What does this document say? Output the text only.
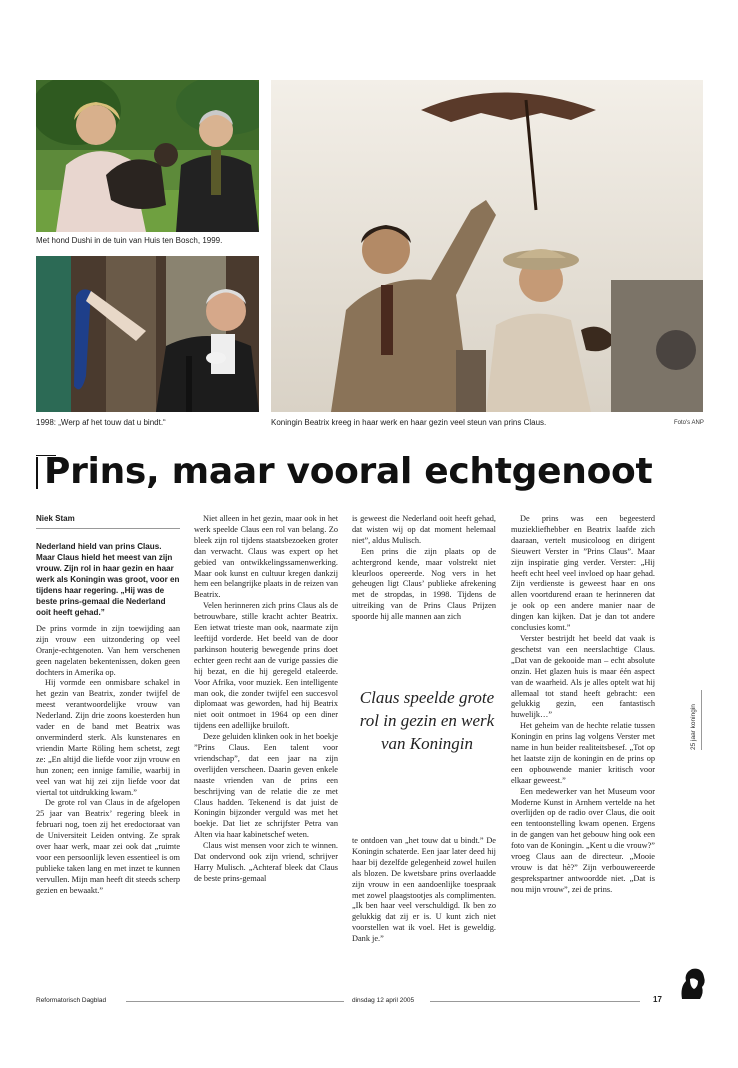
Met hond Dushi in de tuin van Huis ten Bosch, 1999.
1998: „Werp af het touw dat u bindt.“	Koningin Beatrix kreeg in haar werk en haar gezin veel steun van prins Claus.	Foto's ANP
Prins, maar vooral echtgenoot
Niek Stam
Nederland hield van prins Claus. Maar Claus hield het meest van zijn vrouw. Zijn rol in haar gezin en haar werk als Koningin was groot, voor en tijdens haar regering. „Hij was de beste prins-gemaal die Nederland ooit heeft gehad.”

De prins vormde in zijn toewijding aan zijn vrouw een uitzondering op veel Oranje-echtgenoten. Van hem verschenen geen nagelaten bekentenissen, doken geen dochters in Amerika op.

Hij vormde een onmisbare schakel in het gezin van Beatrix, zonder twijfel de meest verantwoordelijke vrouw van Nederland. Zijn drie zoons koesterden hun vader en de band met Beatrix was onverminderd sterk. Als kunstenares en vriendin Marte Röling hem schetst, zegt ze: „En altijd die liefde voor zijn vrouw en hun zonen; een innige familie, waarbij in veel van wat hij zei zijn liefde voor dat viertal tot uitdrukking kwam.”

De grote rol van Claus in de afgelopen 25 jaar van Beatrix’ regering bleek in februari nog, toen zij het eredoctoraat van de Universiteit Leiden ontving. Ze sprak over haar werk, maar zei ook dat „ruimte voor een persoonlijk leven essentieel is om publieke taken lang en met inzet te kunnen vervullen. Mijn man heeft dit steeds scherp gezien en bewaakt.”

Niet alleen in het gezin, maar ook in het werk speelde Claus een rol van belang. Zo bleek zijn rol tijdens staatsbezoeken groter dan verwacht. Claus was expert op het gebied van ontwikkelingssamenwerking. Maar ook kunst en cultuur kregen dankzij hem een belangrijke plaats in de reizen van Beatrix.

Velen herinneren zich prins Claus als de betrouwbare, stille kracht achter Beatrix. Een ietwat trieste man ook, naarmate zijn leeftijd vorderde. Het beeld van de door parkinson houterig bewegende prins doet echter geen recht aan de vurige passies die hij bezat, en die hij geregeld etaleerde. Voor Afrika, voor muziek. Een intelligente man ook, die zonder twijfel een succesvol diplomaat was geworden, had hij Beatrix niet ooit ontmoet in 1964 op een diner tijdens een adellijke bruiloft.

Deze geluiden klinken ook in het boekje ”Prins Claus. Een talent voor vriendschap”, dat een jaar na zijn overlijden verscheen. Daarin geven enkele naaste vrienden van de prins een beschrijving van de relatie die ze met Claus hadden. Tekenend is dat juist de Koningin bijzonder verguld was met het boekje. Dat liet ze schrijfster Petra van Alten via haar kabinetschef weten.

Claus wist mensen voor zich te winnen. Dat ondervond ook zijn vriend, schrijver Harry Mulisch. „Achteraf bleek dat Claus de beste prins-gemaal

is geweest die Nederland ooit heeft gehad, dat wisten wij op dat moment helemaal niet”, aldus Mulisch.

Een prins die zijn plaats op de achtergrond kende, maar volstrekt niet kleurloos opereerde. Nog vers in het geheugen ligt Claus’ publieke afrekening met de stropdas, in 1998. Tijdens de uitreiking van de Prins Claus Prijzen spoorde hij alle mannen aan zich

Claus speelde grote rol in gezin en werk van Koningin

te ontdoen van „het touw dat u bindt.” De Koningin schaterde. Een jaar later deed hij haar bij dezelfde gelegenheid zowel huilen als blozen. De kwetsbare prins overlaadde zijn vrouw in een aandoenlijke toespraak met zowel plaagstootjes als complimenten. „Ik ben haar veel verschuldigd. Ik ben zo gelukkig dat zij er is. U kunt zich niet voorstellen wat ik voel. Het is geweldig. Dank je.”

De prins was een begeesterd muziekliefhebber en Beatrix laafde zich daaraan, vertelt musicoloog en dirigent Sieuwert Verster in ”Prins Claus”. Maar zijn inspiratie ging verder. Verster: „Hij heeft echt heel veel invloed op haar gehad. Zijn verdienste is geweest haar en ons allen voortdurend eraan te herinneren dat je ook op een andere manier naar de dingen kan kijken. Dat je dan tot andere conclusies komt.”

Verster bestrijdt het beeld dat vaak is geschetst van een neerslachtige Claus. „Dat van de gekooide man – echt absolute onzin. Het glazen huis is maar één aspect van de waarheid. Als je alles optelt wat hij allemaal tot stand heeft gebracht: een gelukkig gezin, een fantastisch huwelijk…”

Het geheim van de hechte relatie tussen Koningin en prins lag volgens Verster met name in hun beider realiteitsbesef. „Tot op het laatste zijn de koningin en de prins op een opbouwende manier kritisch voor elkaar geweest.”

Een medewerker van het Museum voor Moderne Kunst in Arnhem vertelde na het overlijden op de radio over Claus, die ooit een tentoonstelling kwam openen. Ergens in de gangen van het gebouw hing ook een foto van de Koningin. „Kent u die vrouw?” vroeg Claus aan de directeur. „Mooie vrouw is dat hè?” Zijn verbouwereerde gesprekspartner antwoordde niet. „Dat is nou mijn vrouw”, zei de prins.

25 jaar koningin
Reformatorisch Dagblad	dinsdag 12 april 2005	17
